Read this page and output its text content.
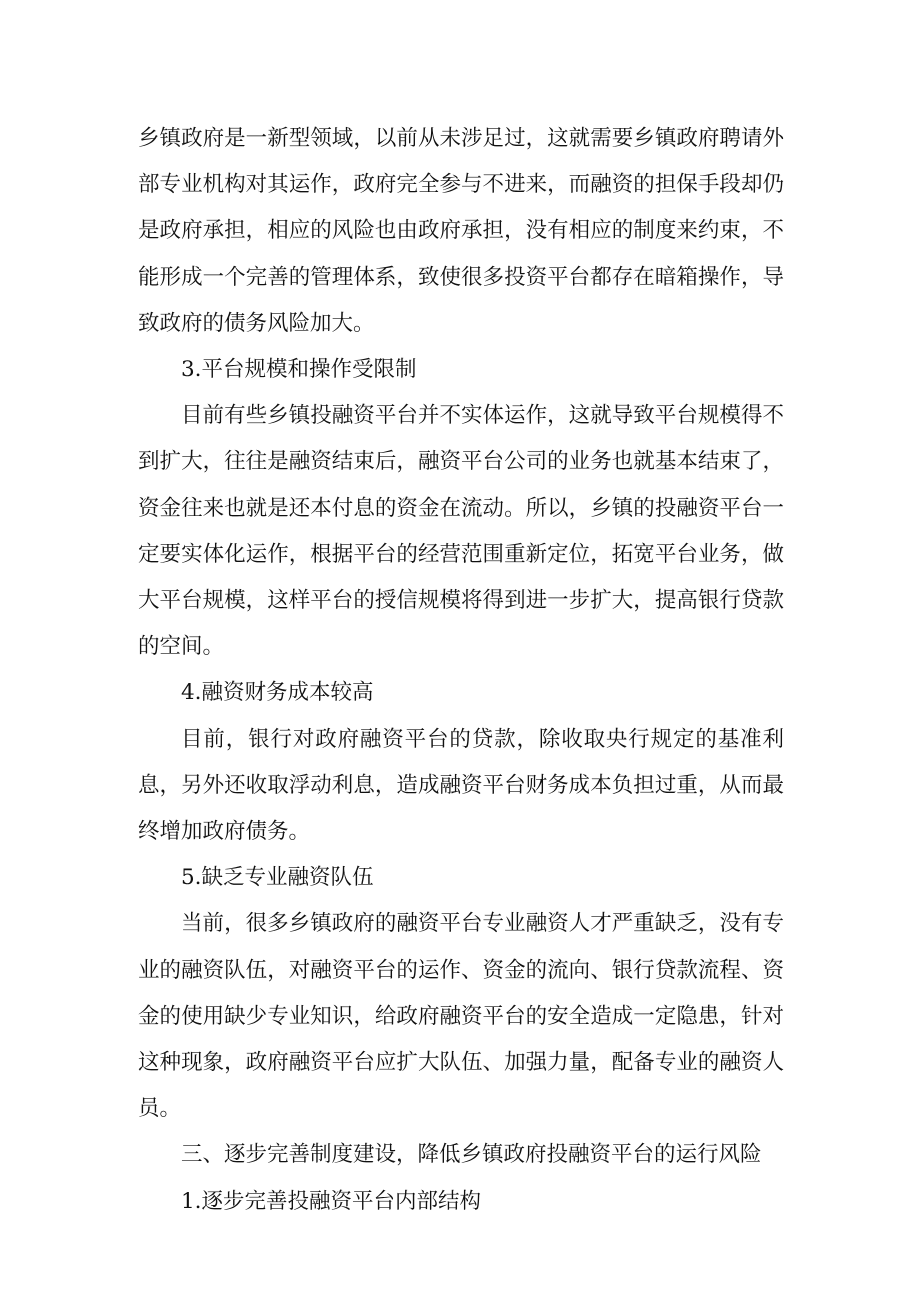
乡镇政府是一新型领域，以前从未涉足过，这就需要乡镇政府聘请外部专业机构对其运作，政府完全参与不进来，而融资的担保手段却仍是政府承担，相应的风险也由政府承担，没有相应的制度来约束，不能形成一个完善的管理体系，致使很多投资平台都存在暗箱操作，导致政府的债务风险加大。

3.平台规模和操作受限制

目前有些乡镇投融资平台并不实体运作，这就导致平台规模得不到扩大，往往是融资结束后，融资平台公司的业务也就基本结束了，资金往来也就是还本付息的资金在流动。所以，乡镇的投融资平台一定要实体化运作，根据平台的经营范围重新定位，拓宽平台业务，做大平台规模，这样平台的授信规模将得到进一步扩大，提高银行贷款的空间。

4.融资财务成本较高

目前，银行对政府融资平台的贷款，除收取央行规定的基准利息，另外还收取浮动利息，造成融资平台财务成本负担过重，从而最终增加政府债务。

5.缺乏专业融资队伍

当前，很多乡镇政府的融资平台专业融资人才严重缺乏，没有专业的融资队伍，对融资平台的运作、资金的流向、银行贷款流程、资金的使用缺少专业知识，给政府融资平台的安全造成一定隐患，针对这种现象，政府融资平台应扩大队伍、加强力量，配备专业的融资人员。

三、逐步完善制度建设，降低乡镇政府投融资平台的运行风险

1.逐步完善投融资平台内部结构
